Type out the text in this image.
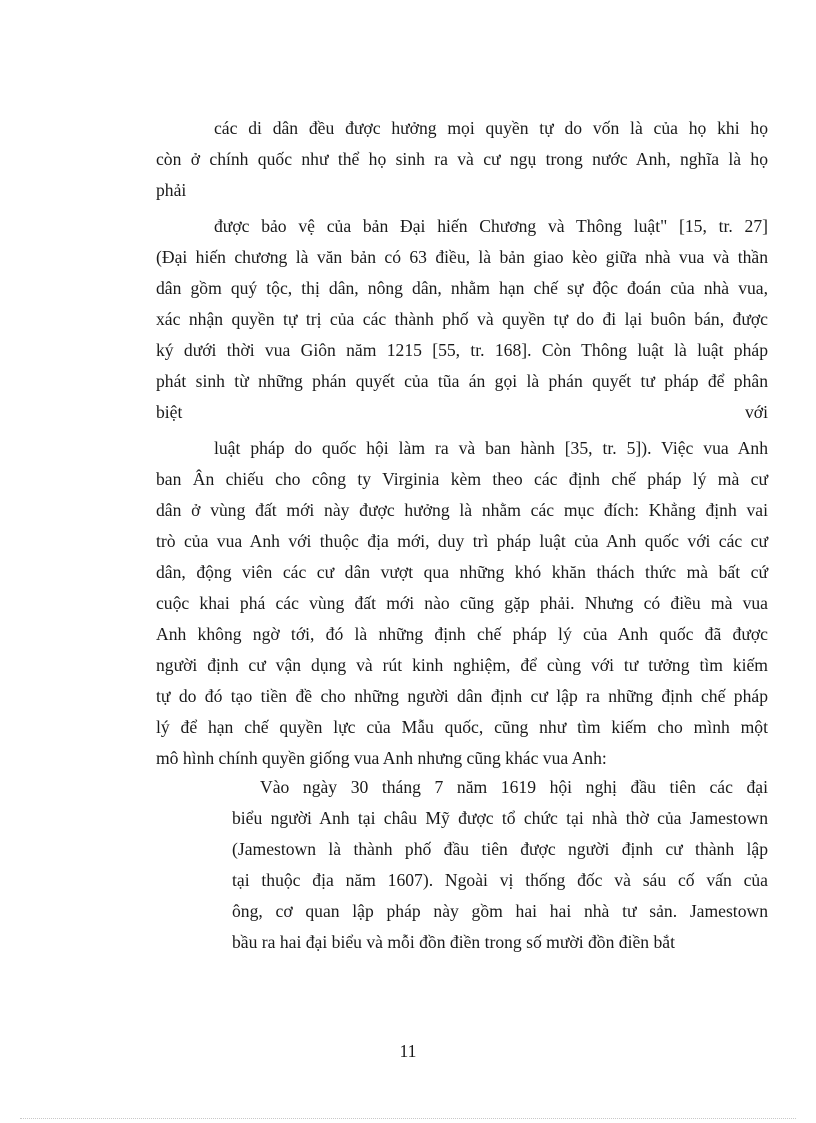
các di dân đều được hưởng mọi quyền tự do vốn là của họ khi họ
còn ở chính quốc như thể họ sinh ra và cư ngụ trong nước Anh, nghĩa là họ
phải
được bảo vệ của bản Đại hiến Chương và Thông luật" [15, tr. 27]
(Đại hiến chương là văn bản có 63 điều, là bản giao kèo giữa nhà vua và thần
dân gồm quý tộc, thị dân, nông dân, nhằm hạn chế sự độc đoán của nhà vua,
xác nhận quyền tự trị của các thành phố và quyền tự do đi lại buôn bán, được
ký dưới thời vua Giôn năm 1215 [55, tr. 168]. Còn Thông luật là luật pháp
phát sinh từ những phán quyết của tũa án gọi là phán quyết tư pháp để phân
biệt với
luật pháp do quốc hội làm ra và ban hành [35, tr. 5]). Việc vua Anh
ban Ân chiếu cho công ty Virginia kèm theo các định chế pháp lý mà cư
dân ở vùng đất mới này được hưởng là nhằm các mục đích: Khẳng định vai
trò của vua Anh với thuộc địa mới, duy trì pháp luật của Anh quốc với các cư
dân, động viên các cư dân vượt qua những khó khăn thách thức mà bất cứ
cuộc khai phá các vùng đất mới nào cũng gặp phải. Nhưng có điều mà vua
Anh không ngờ tới, đó là những định chế pháp lý của Anh quốc đã được
người định cư vận dụng và rút kinh nghiệm, để cùng với tư tưởng tìm kiếm
tự do đó tạo tiền đề cho những người dân định cư lập ra những định chế pháp
lý để hạn chế quyền lực của Mẫu quốc, cũng như tìm kiếm cho mình một
mô hình chính quyền giống vua Anh nhưng cũng khác vua Anh:
Vào ngày 30 tháng 7 năm 1619 hội nghị đầu tiên các đại
biểu người Anh tại châu Mỹ được tổ chức tại nhà thờ của Jamestown
(Jamestown là thành phố đầu tiên được người định cư thành lập
tại thuộc địa năm 1607). Ngoài vị thống đốc và sáu cố vấn của
ông, cơ quan lập pháp này gồm hai hai nhà tư sản. Jamestown
bầu ra hai đại biểu và mỗi đồn điền trong số mười đồn điền bắt
11
